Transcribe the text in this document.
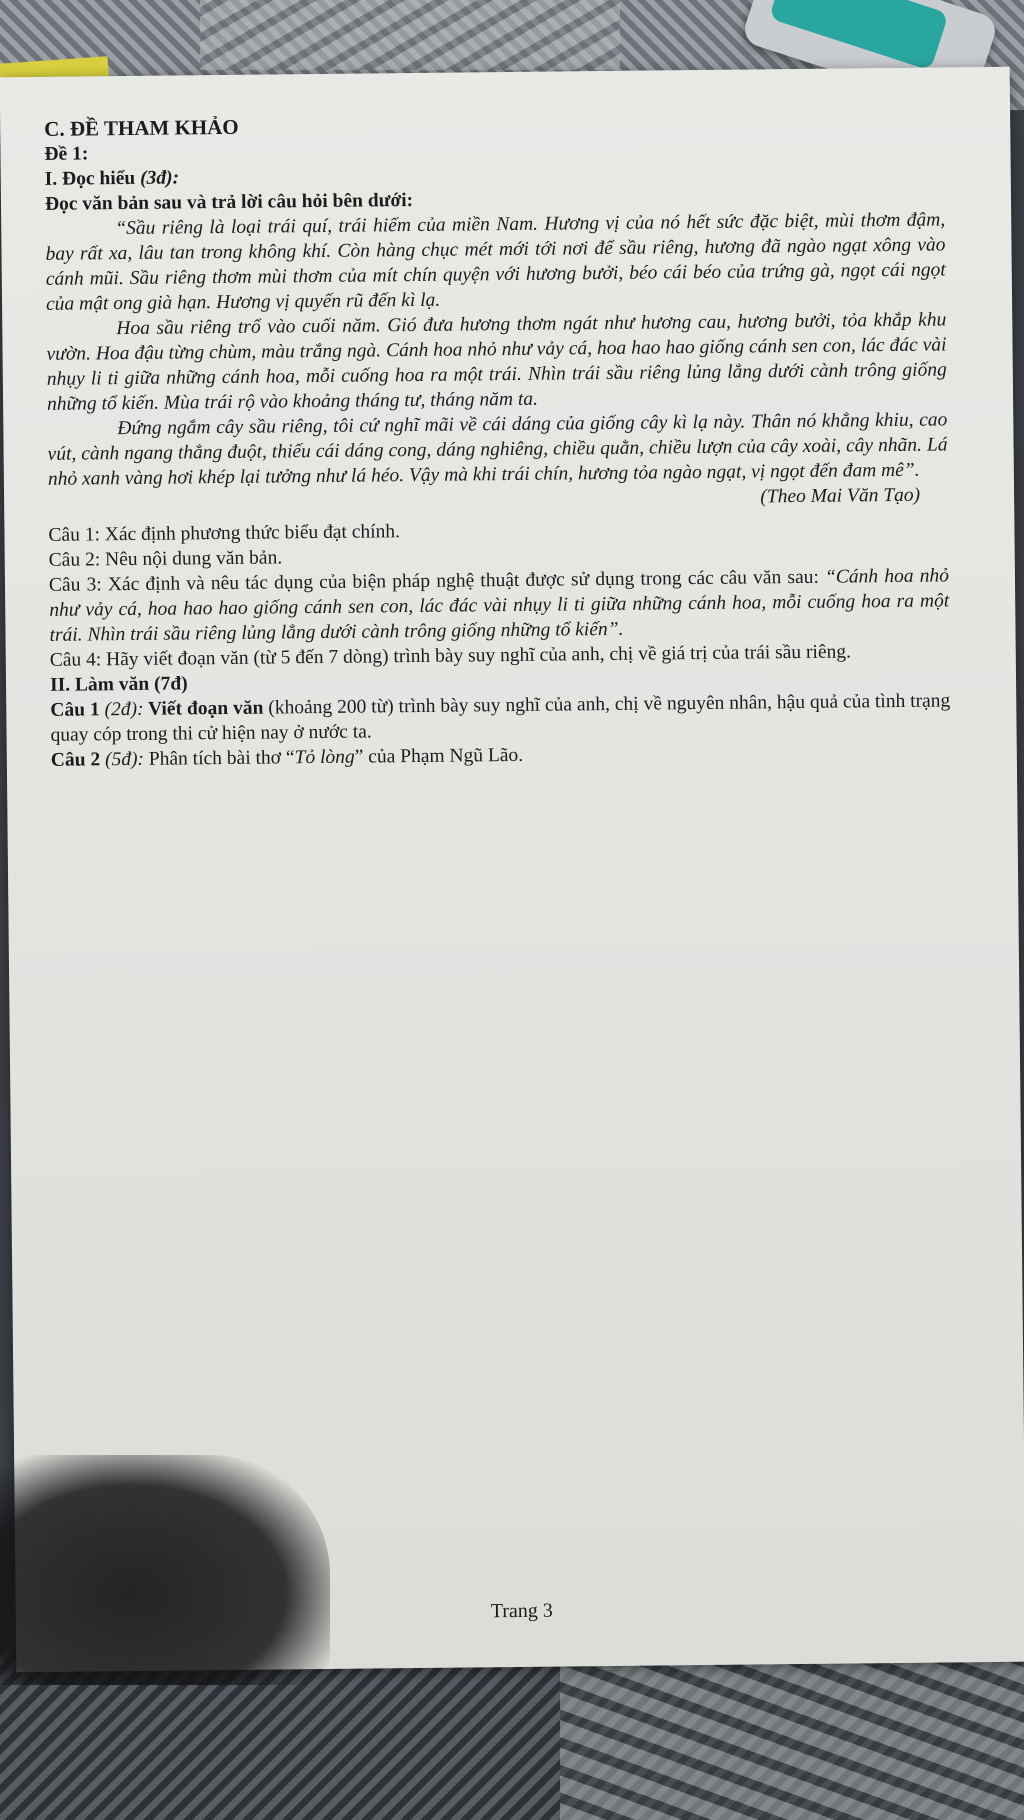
C. ĐỀ THAM KHẢO

Đề 1:

I. Đọc hiểu (3đ):

Đọc văn bản sau và trả lời câu hỏi bên dưới:

“Sầu riêng là loại trái quí, trái hiếm của miền Nam. Hương vị của nó hết sức đặc biệt, mùi thơm đậm, bay rất xa, lâu tan trong không khí. Còn hàng chục mét mới tới nơi để sầu riêng, hương đã ngào ngạt xông vào cánh mũi. Sầu riêng thơm mùi thơm của mít chín quyện với hương bưởi, béo cái béo của trứng gà, ngọt cái ngọt của mật ong già hạn. Hương vị quyến rũ đến kì lạ.

Hoa sầu riêng trổ vào cuối năm. Gió đưa hương thơm ngát như hương cau, hương bưởi, tỏa khắp khu vườn. Hoa đậu từng chùm, màu trắng ngà. Cánh hoa nhỏ như vảy cá, hoa hao hao giống cánh sen con, lác đác vài nhụy li ti giữa những cánh hoa, mỗi cuống hoa ra một trái. Nhìn trái sầu riêng lủng lẳng dưới cành trông giống những tổ kiến. Mùa trái rộ vào khoảng tháng tư, tháng năm ta.

Đứng ngắm cây sầu riêng, tôi cứ nghĩ mãi về cái dáng của giống cây kì lạ này. Thân nó khẳng khiu, cao vút, cành ngang thẳng đuột, thiếu cái dáng cong, dáng nghiêng, chiều quằn, chiều lượn của cây xoài, cây nhãn. Lá nhỏ xanh vàng hơi khép lại tưởng như lá héo. Vậy mà khi trái chín, hương tỏa ngào ngạt, vị ngọt đến đam mê”.

(Theo Mai Văn Tạo)

Câu 1: Xác định phương thức biểu đạt chính.

Câu 2: Nêu nội dung văn bản.

Câu 3: Xác định và nêu tác dụng của biện pháp nghệ thuật được sử dụng trong các câu văn sau: “Cánh hoa nhỏ như vảy cá, hoa hao hao giống cánh sen con, lác đác vài nhụy li ti giữa những cánh hoa, mỗi cuống hoa ra một trái. Nhìn trái sầu riêng lủng lẳng dưới cành trông giống những tổ kiến”.

Câu 4: Hãy viết đoạn văn (từ 5 đến 7 dòng) trình bày suy nghĩ của anh, chị về giá trị của trái sầu riêng.

II. Làm văn (7đ)

Câu 1 (2đ): Viết đoạn văn (khoảng 200 từ) trình bày suy nghĩ của anh, chị về nguyên nhân, hậu quả của tình trạng quay cóp trong thi cử hiện nay ở nước ta.

Câu 2 (5đ): Phân tích bài thơ “Tỏ lòng” của Phạm Ngũ Lão.

Trang 3
